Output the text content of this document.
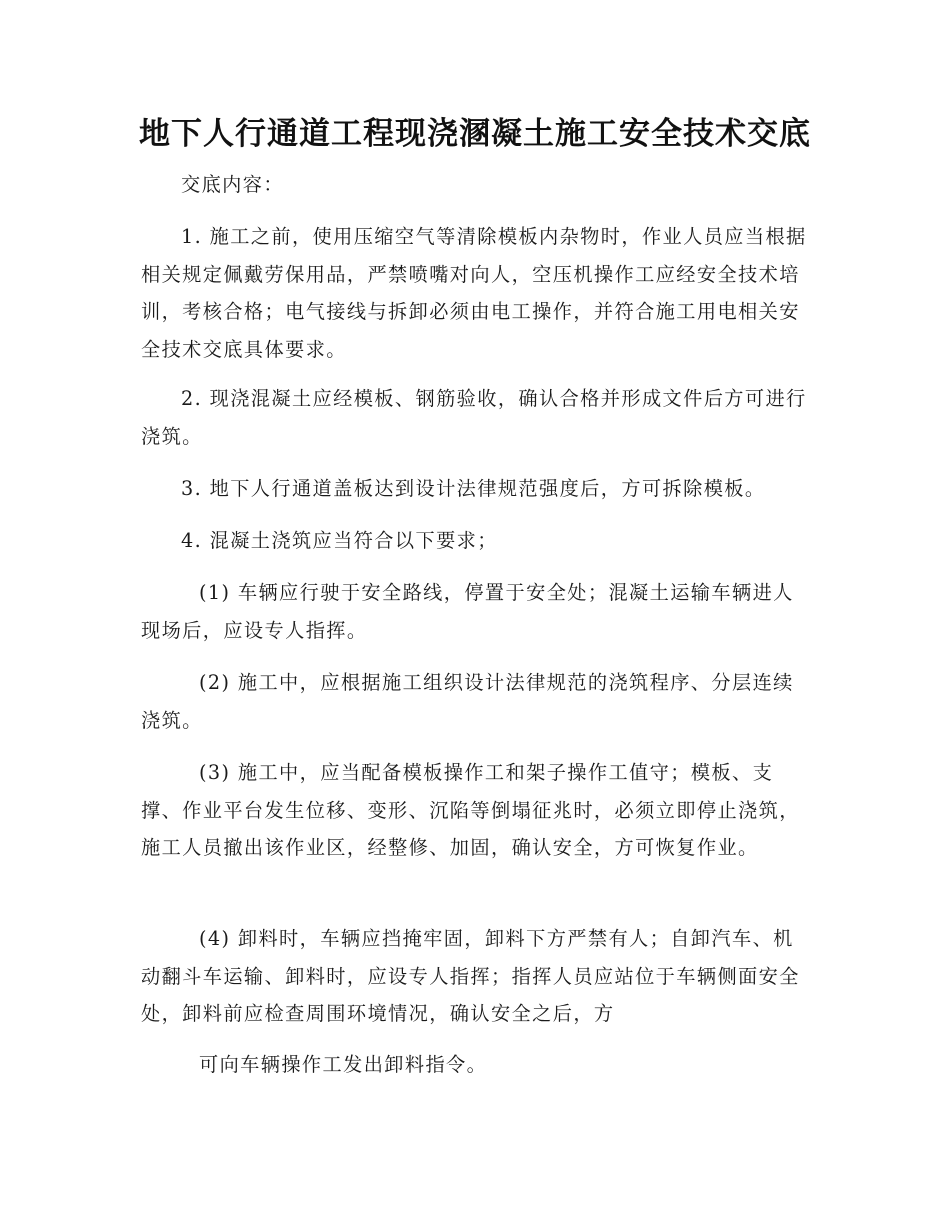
地下人行通道工程现浇溷凝土施工安全技术交底

交底内容：

1. 施工之前，使用压缩空气等清除模板内杂物时，作业人员应当根据相关规定佩戴劳保用品，严禁喷嘴对向人，空压机操作工应经安全技术培训，考核合格；电气接线与拆卸必须由电工操作，并符合施工用电相关安全技术交底具体要求。

2. 现浇混凝土应经模板、钢筋验收，确认合格并形成文件后方可进行浇筑。

3. 地下人行通道盖板达到设计法律规范强度后，方可拆除模板。

4. 混凝土浇筑应当符合以下要求；

(1) 车辆应行驶于安全路线，停置于安全处；混凝土运输车辆进人现场后，应设专人指挥。

(2) 施工中，应根据施工组织设计法律规范的浇筑程序、分层连续浇筑。

(3) 施工中，应当配备模板操作工和架子操作工值守；模板、支撑、作业平台发生位移、变形、沉陷等倒塌征兆时，必须立即停止浇筑，施工人员撤出该作业区，经整修、加固，确认安全，方可恢复作业。

(4) 卸料时，车辆应挡掩牢固，卸料下方严禁有人；自卸汽车、机动翻斗车运输、卸料时，应设专人指挥；指挥人员应站位于车辆侧面安全处，卸料前应检查周围环境情况，确认安全之后，方

可向车辆操作工发出卸料指令。
